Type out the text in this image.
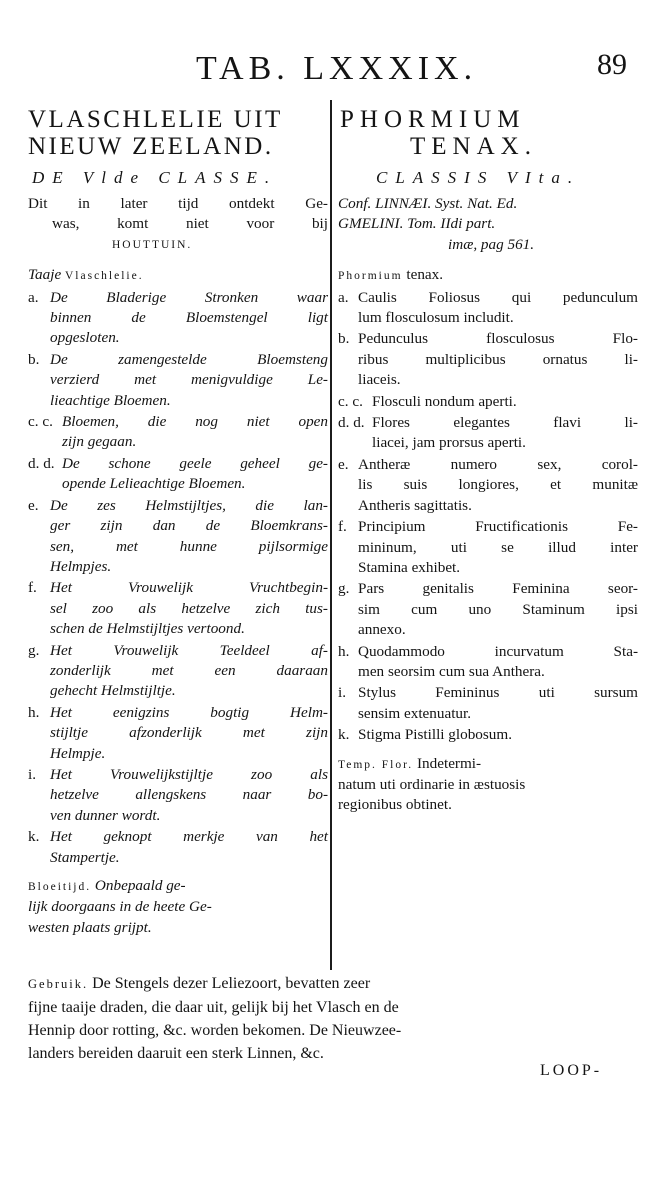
TAB. LXXXIX.	89
VLASCHLELIE UIT
NIEUW ZEELAND.
DE Vlde CLASSE.
Dit in later tijd ontdekt Ge-
was, komt niet voor bij
HOUTTUIN.
Taaje Vlaschlelie.
a. De Bladerige Stronken waar
binnen de Bloemstengel ligt
opgesloten.
b. De zamengestelde Bloemsteng
verzierd met menigvuldige Le-
lieachtige Bloemen.
c. c. Bloemen, die nog niet open
zijn gegaan.
d. d. De schone geele geheel ge-
opende Lelieachtige Bloemen.
e. De zes Helmstijltjes, die lan-
ger zijn dan de Bloemkrans-
sen, met hunne pijlsormige
Helmpjes.
f. Het Vrouwelijk Vruchtbegin-
sel zoo als hetzelve zich tus-
schen de Helmstijltjes vertoond.
g. Het Vrouwelijk Teeldeel af-
zonderlijk met een daaraan
gehecht Helmstijltje.
h. Het eenigzins bogtig Helm-
stijltje afzonderlijk met zijn
Helmpje.
i. Het Vrouwelijkstijltje zoo als
hetzelve allengskens naar bo-
ven dunner wordt.
k. Het geknopt merkje van het
Stampertje.
Bloeitijd. Onbepaald ge-
lijk doorgaans in de heete Ge-
westen plaats grijpt.
PHORMIUM
TENAX.
CLASSIS VIta.
Conf. LINNÆI. Syst. Nat. Ed.
GMELINI. Tom. IIdi part.
imæ, pag 561.
Phormium tenax.
a. Caulis Foliosus qui pedunculum
lum flosculosum includit.
b. Pedunculus flosculosus Flo-
ribus multiplicibus ornatus li-
liaceis.
c. c. Flosculi nondum aperti.
d. d. Flores elegantes flavi li-
liacei, jam prorsus aperti.
e. Antheræ numero sex, corol-
lis suis longiores, et munitæ
Antheris sagittatis.
f. Principium Fructificationis Fe-
mininum, uti se illud inter
Stamina exhibet.
g. Pars genitalis Feminina seor-
sim cum uno Staminum ipsi
annexo.
h. Quodammodo incurvatum Sta-
men seorsim cum sua Anthera.
i. Stylus Femininus uti sursum
sensim extenuatur.
k. Stigma Pistilli globosum.
Temp. Flor. Indetermi-
natum uti ordinarie in æstuosis
regionibus obtinet.
Gebruik. De Stengels dezer Leliezoort, bevatten zeer
fijne taaije draden, die daar uit, gelijk bij het Vlasch en de
Hennip door rotting, &c. worden bekomen. De Nieuwzee-
landers bereiden daaruit een sterk Linnen, &c.
LOOP-
